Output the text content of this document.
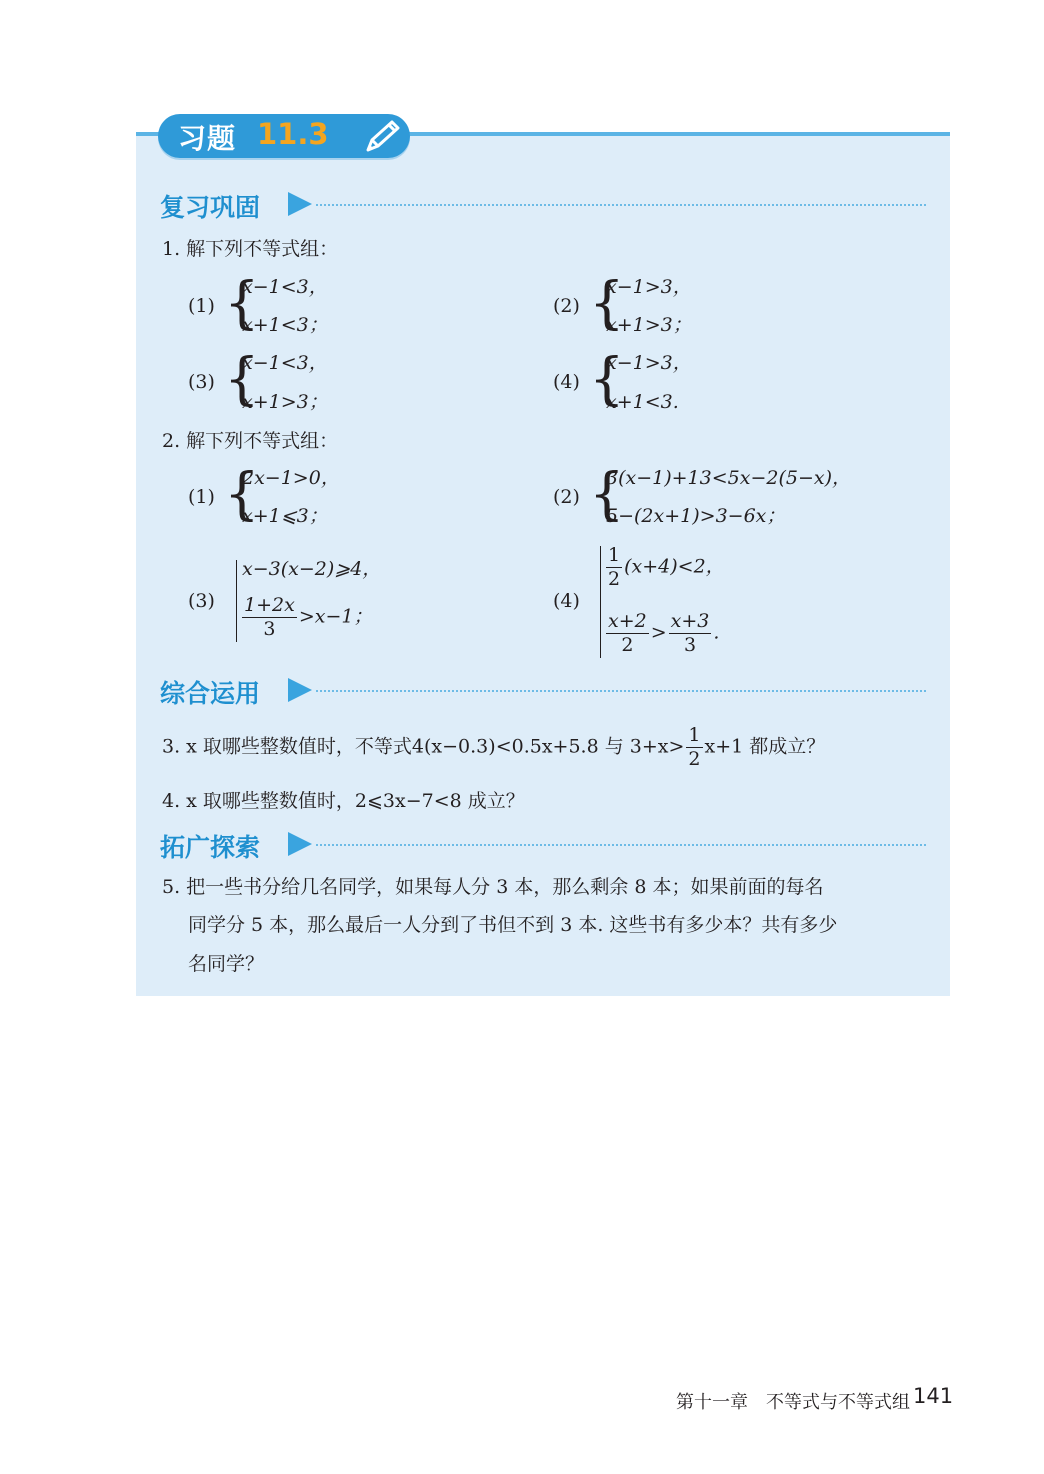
习题 11.3
复习巩固
1. 解下列不等式组：
(1) {
x−1<3，
x+1<3；
(2) {
x−1>3，
x+1>3；
(3) {
x−1<3，
x+1>3；
(4) {
x−1>3，
x+1<3.
2. 解下列不等式组：
(1) {
2x−1>0，
x+1⩽3；
(2) {
3(x−1)+13<5x−2(5−x)，
5−(2x+1)>3−6x；
(3)
x−3(x−2)⩾4，
$\frac{1+2x}{3} >x-1$；
(4)
$\frac{1}{2} (x+4)<2$，
$\frac{x+2}{2} > \frac{x+3}{3}$ .
综合运用
3. x 取哪些整数值时，不等式4(x−0.3)<0.5x+5.8 与 $3+x> \frac{1}{2} x+1$ 都成立？
4. x 取哪些整数值时，2⩽3x−7<8 成立？
拓广探索
5. 把一些书分给几名同学，如果每人分 3 本，那么剩余 8 本；如果前面的每名
同学分 5 本，那么最后一人分到了书但不到 3 本. 这些书有多少本？共有多少
名同学？
第十一章　不等式与不等式组 141
